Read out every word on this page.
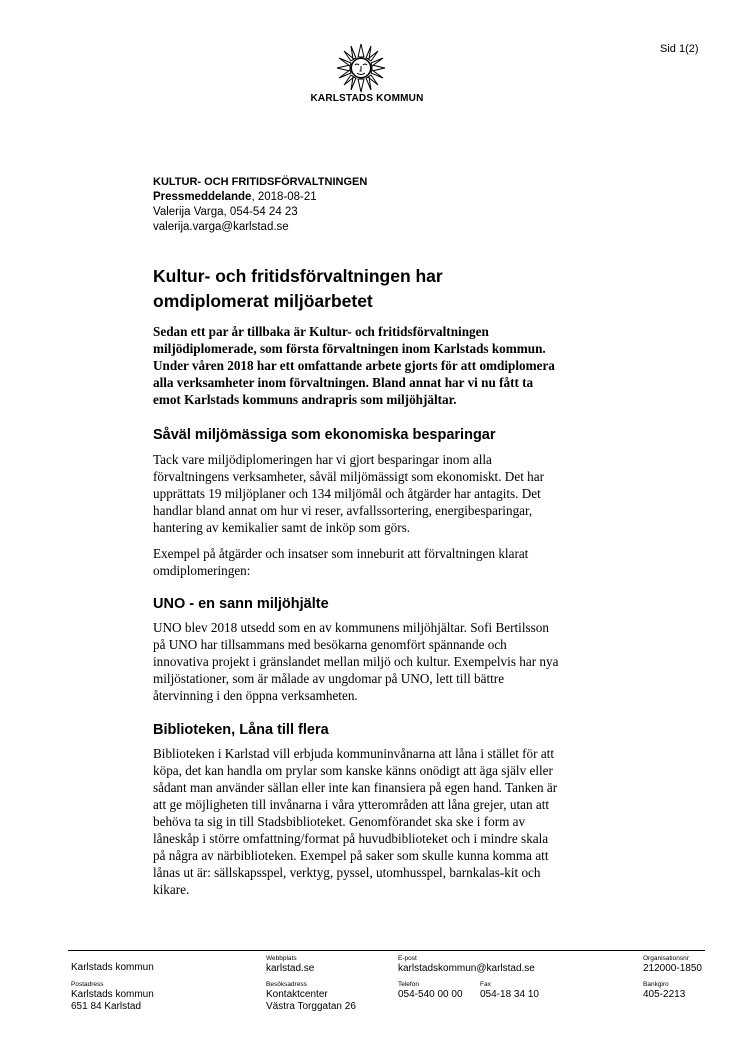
Sid 1(2)
KARLSTADS KOMMUN
KULTUR- OCH FRITIDSFÖRVALTNINGEN
Pressmeddelande, 2018-08-21
Valerija Varga, 054-54 24 23
valerija.varga@karlstad.se
Kultur- och fritidsförvaltningen har
omdiplomerat miljöarbetet
Sedan ett par år tillbaka är Kultur- och fritidsförvaltningen
miljödiplomerade, som första förvaltningen inom Karlstads kommun.
Under våren 2018 har ett omfattande arbete gjorts för att omdiplomera
alla verksamheter inom förvaltningen. Bland annat har vi nu fått ta
emot Karlstads kommuns andrapris som miljöhjältar.
Såväl miljömässiga som ekonomiska besparingar
Tack vare miljödiplomeringen har vi gjort besparingar inom alla
förvaltningens verksamheter, såväl miljömässigt som ekonomiskt. Det har
upprättats 19 miljöplaner och 134 miljömål och åtgärder har antagits. Det
handlar bland annat om hur vi reser, avfallssortering, energibesparingar,
hantering av kemikalier samt de inköp som görs.
Exempel på åtgärder och insatser som inneburit att förvaltningen klarat
omdiplomeringen:
UNO - en sann miljöhjälte
UNO blev 2018 utsedd som en av kommunens miljöhjältar. Sofi Bertilsson
på UNO har tillsammans med besökarna genomfört spännande och
innovativa projekt i gränslandet mellan miljö och kultur. Exempelvis har nya
miljöstationer, som är målade av ungdomar på UNO, lett till bättre
återvinning i den öppna verksamheten.
Biblioteken, Låna till flera
Biblioteken i Karlstad vill erbjuda kommuninvånarna att låna i stället för att
köpa, det kan handla om prylar som kanske känns onödigt att äga själv eller
sådant man använder sällan eller inte kan finansiera på egen hand. Tanken är
att ge möjligheten till invånarna i våra ytterområden att låna grejer, utan att
behöva ta sig in till Stadsbiblioteket. Genomförandet ska ske i form av
låneskåp i större omfattning/format på huvudbiblioteket och i mindre skala
på några av närbiblioteken. Exempel på saker som skulle kunna komma att
lånas ut är: sällskapsspel, verktyg, pyssel, utomhusspel, barnkalas-kit och
kikare.
Karlstads kommun
Webbplats
karlstad.se
E-post
karlstadskommun@karlstad.se
Organisationsnr
212000-1850
Postadress
Karlstads kommun
651 84 Karlstad
Besöksadress
Kontaktcenter
Västra Torggatan 26
Telefon
054-540 00 00
Fax
054-18 34 10
Bankgiro
405-2213
